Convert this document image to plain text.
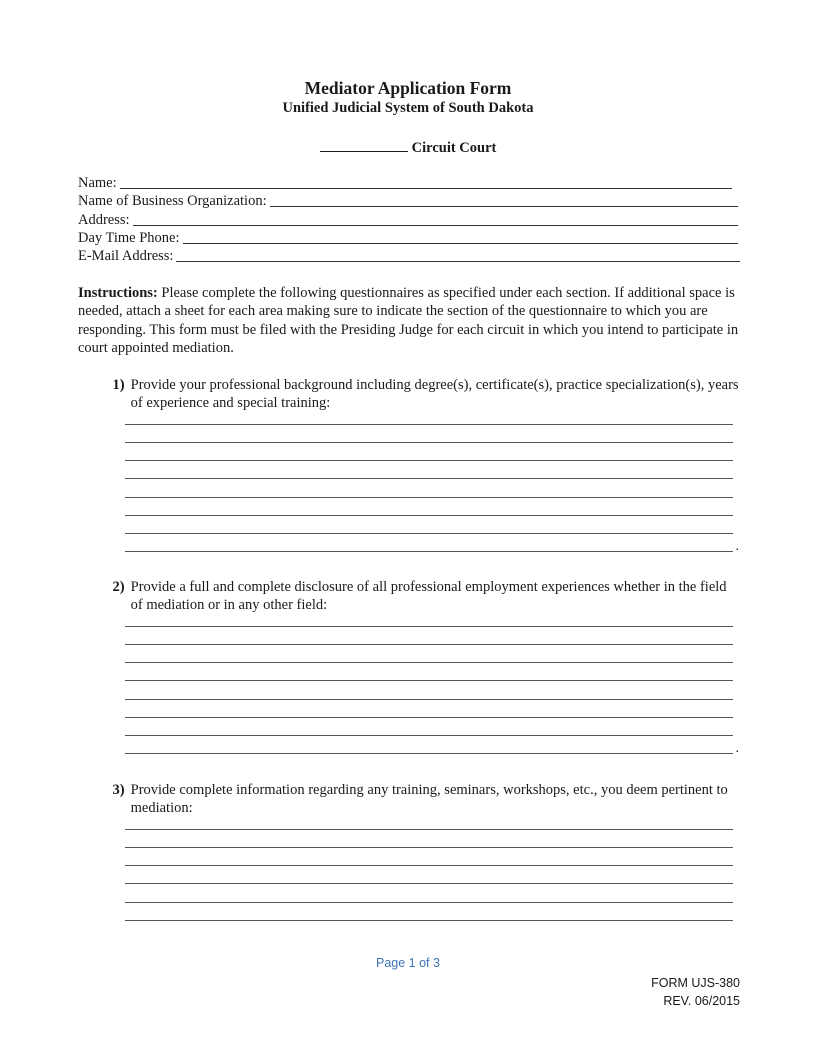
Mediator Application Form
Unified Judicial System of South Dakota
Circuit Court
Name:
Name of Business Organization:
Address:
Day Time Phone:
E-Mail Address:
Instructions: Please complete the following questionnaires as specified under each section. If additional space is needed, attach a sheet for each area making sure to indicate the section of the questionnaire to which you are responding. This form must be filed with the Presiding Judge for each circuit in which you intend to participate in court appointed mediation.
1) Provide your professional background including degree(s), certificate(s), practice specialization(s), years of experience and special training:
.
2) Provide a full and complete disclosure of all professional employment experiences whether in the field of mediation or in any other field:
.
3) Provide complete information regarding any training, seminars, workshops, etc., you deem pertinent to mediation:
Page 1 of 3
FORM UJS-380
REV. 06/2015
